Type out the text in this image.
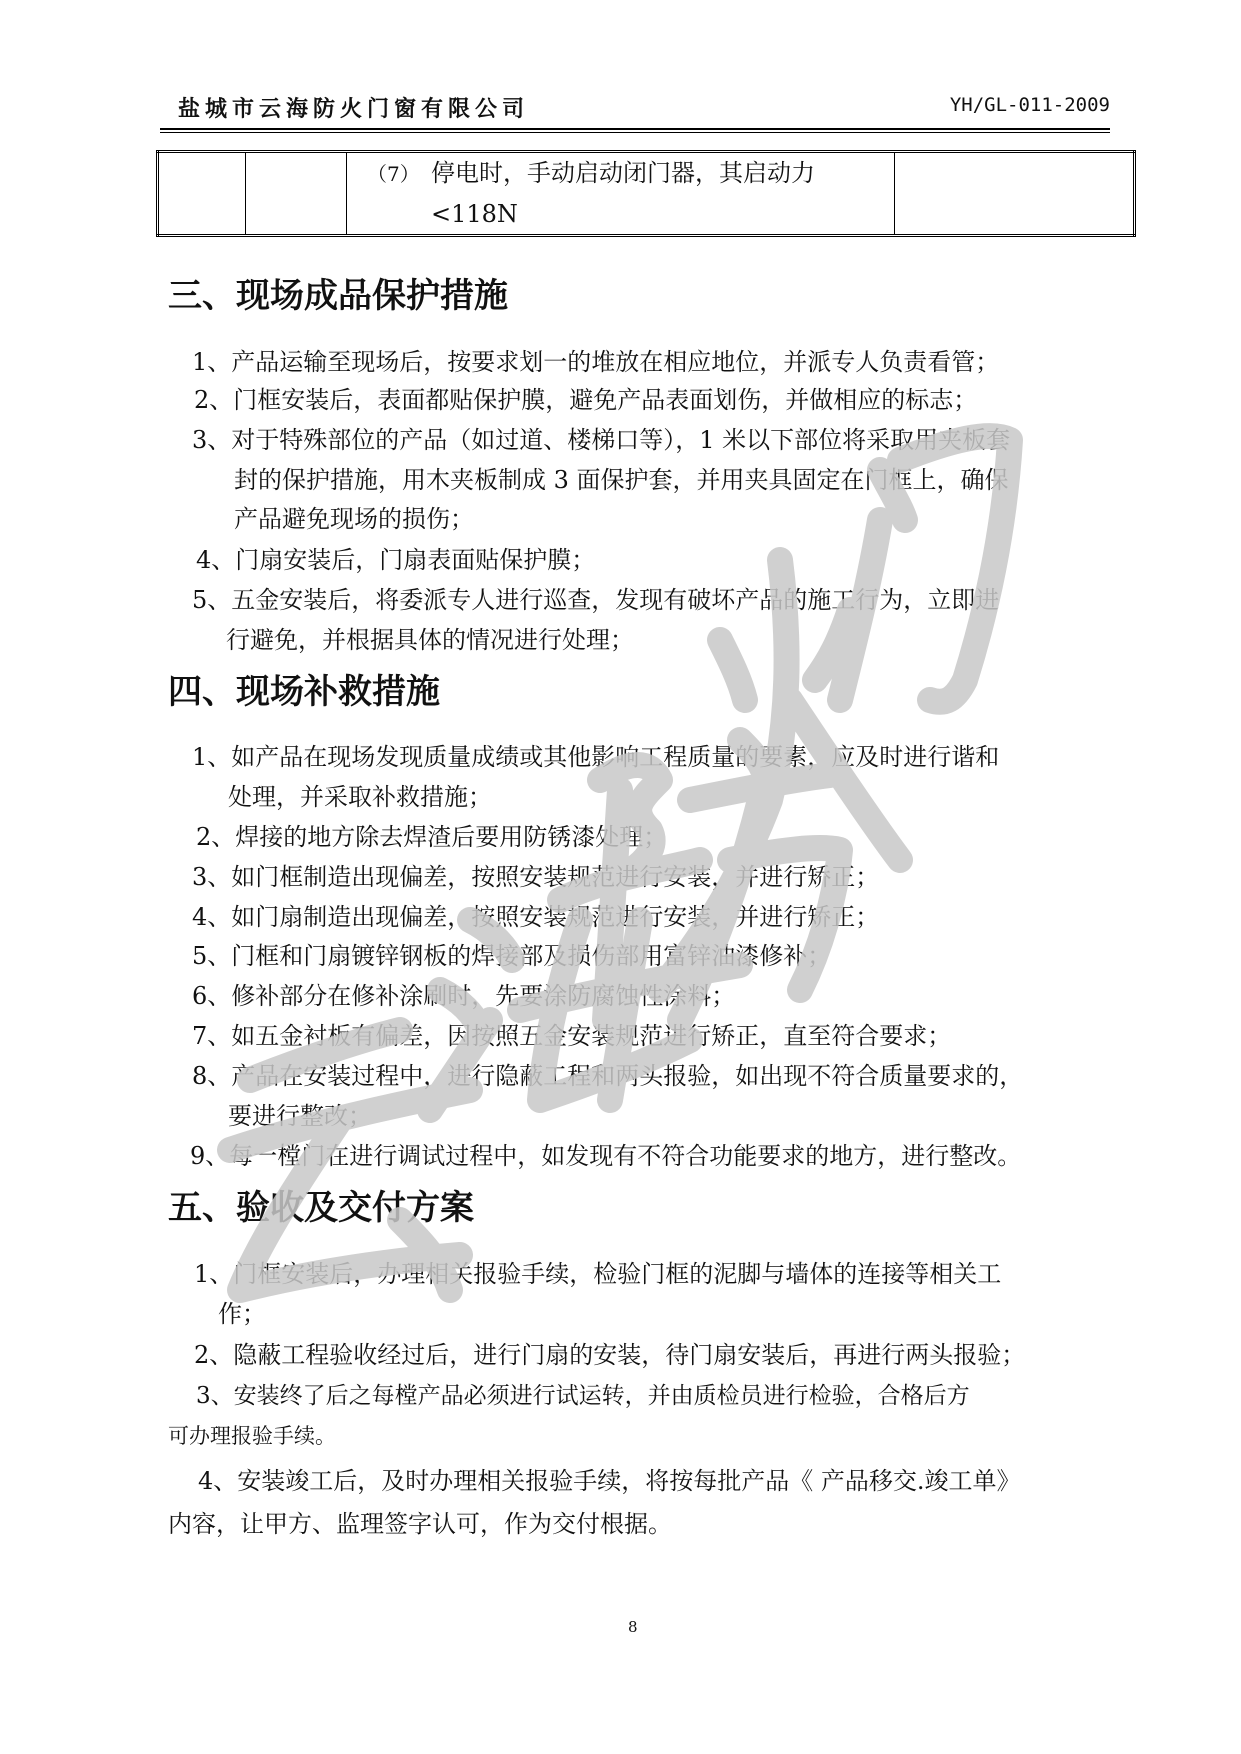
盐城市云海防火门窗有限公司	YH/GL-011-2009
		（7） 停电时，手动启动闭门器，其启动力
<118N	
三、现场成品保护措施
1、产品运输至现场后，按要求划一的堆放在相应地位，并派专人负责看管；
2、门框安装后，表面都贴保护膜，避免产品表面划伤，并做相应的标志；
3、对于特殊部位的产品（如过道、楼梯口等），1 米以下部位将采取用夹板套
封的保护措施，用木夹板制成 3 面保护套，并用夹具固定在门框上，确保
产品避免现场的损伤；
4、门扇安装后，门扇表面贴保护膜；
5、五金安装后，将委派专人进行巡查，发现有破坏产品的施工行为，立即进
行避免，并根据具体的情况进行处理；
四、现场补救措施
1、如产品在现场发现质量成绩或其他影响工程质量的要素，应及时进行谐和
处理，并采取补救措施；
2、焊接的地方除去焊渣后要用防锈漆处理；
3、如门框制造出现偏差，按照安装规范进行安装，并进行矫正；
4、如门扇制造出现偏差，按照安装规范进行安装，并进行矫正；
5、门框和门扇镀锌钢板的焊接部及损伤部用富锌油漆修补；
6、修补部分在修补涂刷时，先要涂防腐蚀性涂料；
7、如五金衬板有偏差，因按照五金安装规范进行矫正，直至符合要求；
8、产品在安装过程中，进行隐蔽工程和两头报验，如出现不符合质量要求的，
要进行整改；
9、每一樘门在进行调试过程中，如发现有不符合功能要求的地方，进行整改。
五、验收及交付方案
1、门框安装后，办理相关报验手续，检验门框的泥脚与墙体的连接等相关工
作；
2、隐蔽工程验收经过后，进行门扇的安装，待门扇安装后，再进行两头报验；
3、安装终了后之每樘产品必须进行试运转，并由质检员进行检验，合格后方
可办理报验手续。
4、安装竣工后，及时办理相关报验手续，将按每批产品《 产品移交.竣工单》
内容，让甲方、监理签字认可，作为交付根据。
8
